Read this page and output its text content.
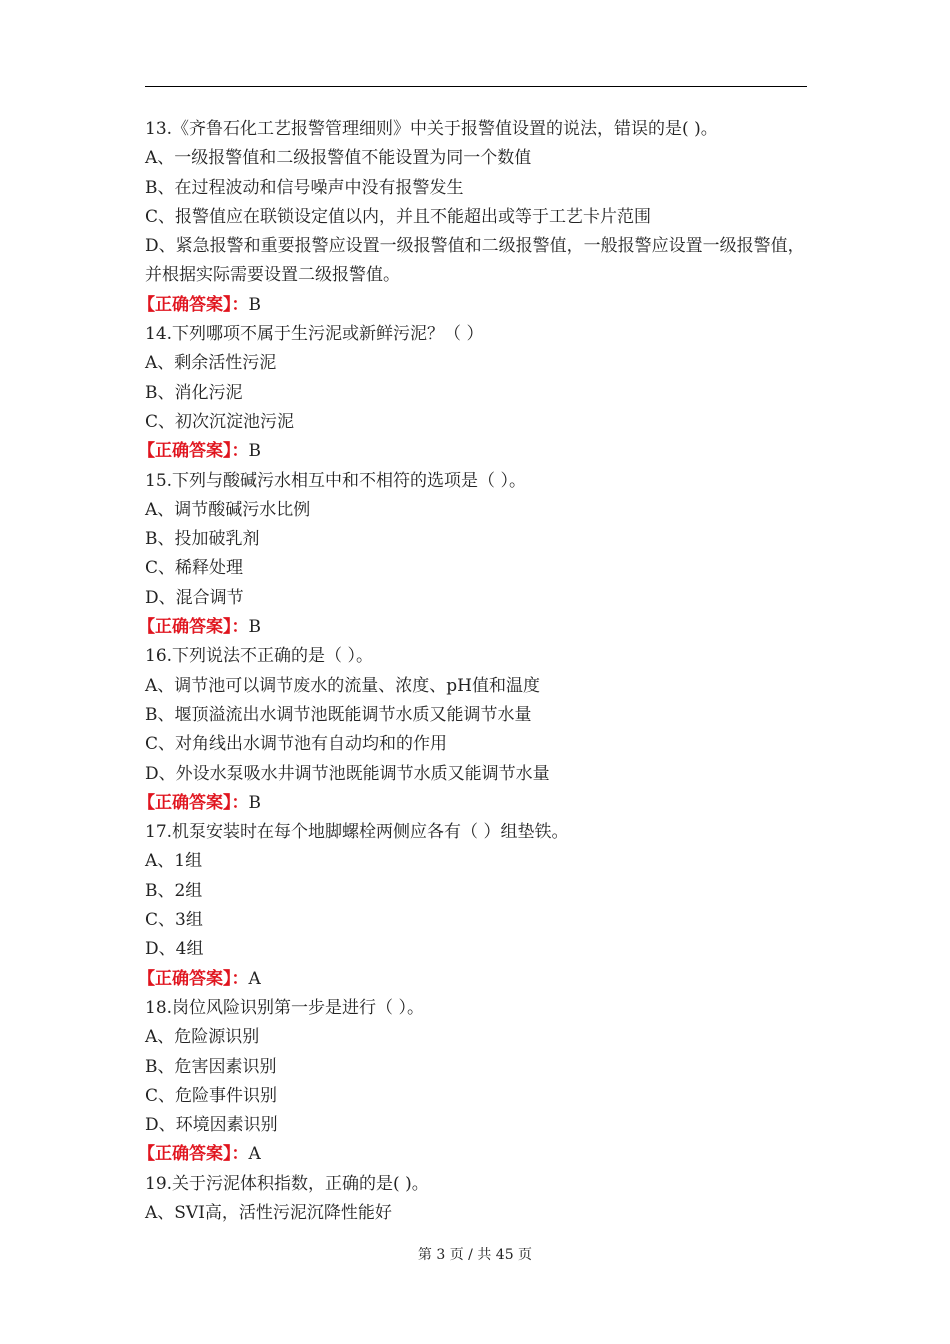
13.《齐鲁石化工艺报警管理细则》中关于报警值设置的说法，错误的是( )。
A、一级报警值和二级报警值不能设置为同一个数值
B、在过程波动和信号噪声中没有报警发生
C、报警值应在联锁设定值以内，并且不能超出或等于工艺卡片范围
D、紧急报警和重要报警应设置一级报警值和二级报警值，一般报警应设置一级报警值，并根据实际需要设置二级报警值。
【正确答案】：B
14.下列哪项不属于生污泥或新鲜污泥？（ ）
A、剩余活性污泥
B、消化污泥
C、初次沉淀池污泥
【正确答案】：B
15.下列与酸碱污水相互中和不相符的选项是（ ）。
A、调节酸碱污水比例
B、投加破乳剂
C、稀释处理
D、混合调节
【正确答案】：B
16.下列说法不正确的是（ ）。
A、调节池可以调节废水的流量、浓度、pH值和温度
B、堰顶溢流出水调节池既能调节水质又能调节水量
C、对角线出水调节池有自动均和的作用
D、外设水泵吸水井调节池既能调节水质又能调节水量
【正确答案】：B
17.机泵安装时在每个地脚螺栓两侧应各有（ ）组垫铁。
A、1组
B、2组
C、3组
D、4组
【正确答案】：A
18.岗位风险识别第一步是进行（ ）。
A、危险源识别
B、危害因素识别
C、危险事件识别
D、环境因素识别
【正确答案】：A
19.关于污泥体积指数，正确的是( )。
A、SVI高，活性污泥沉降性能好
第 3 页 / 共 45 页
